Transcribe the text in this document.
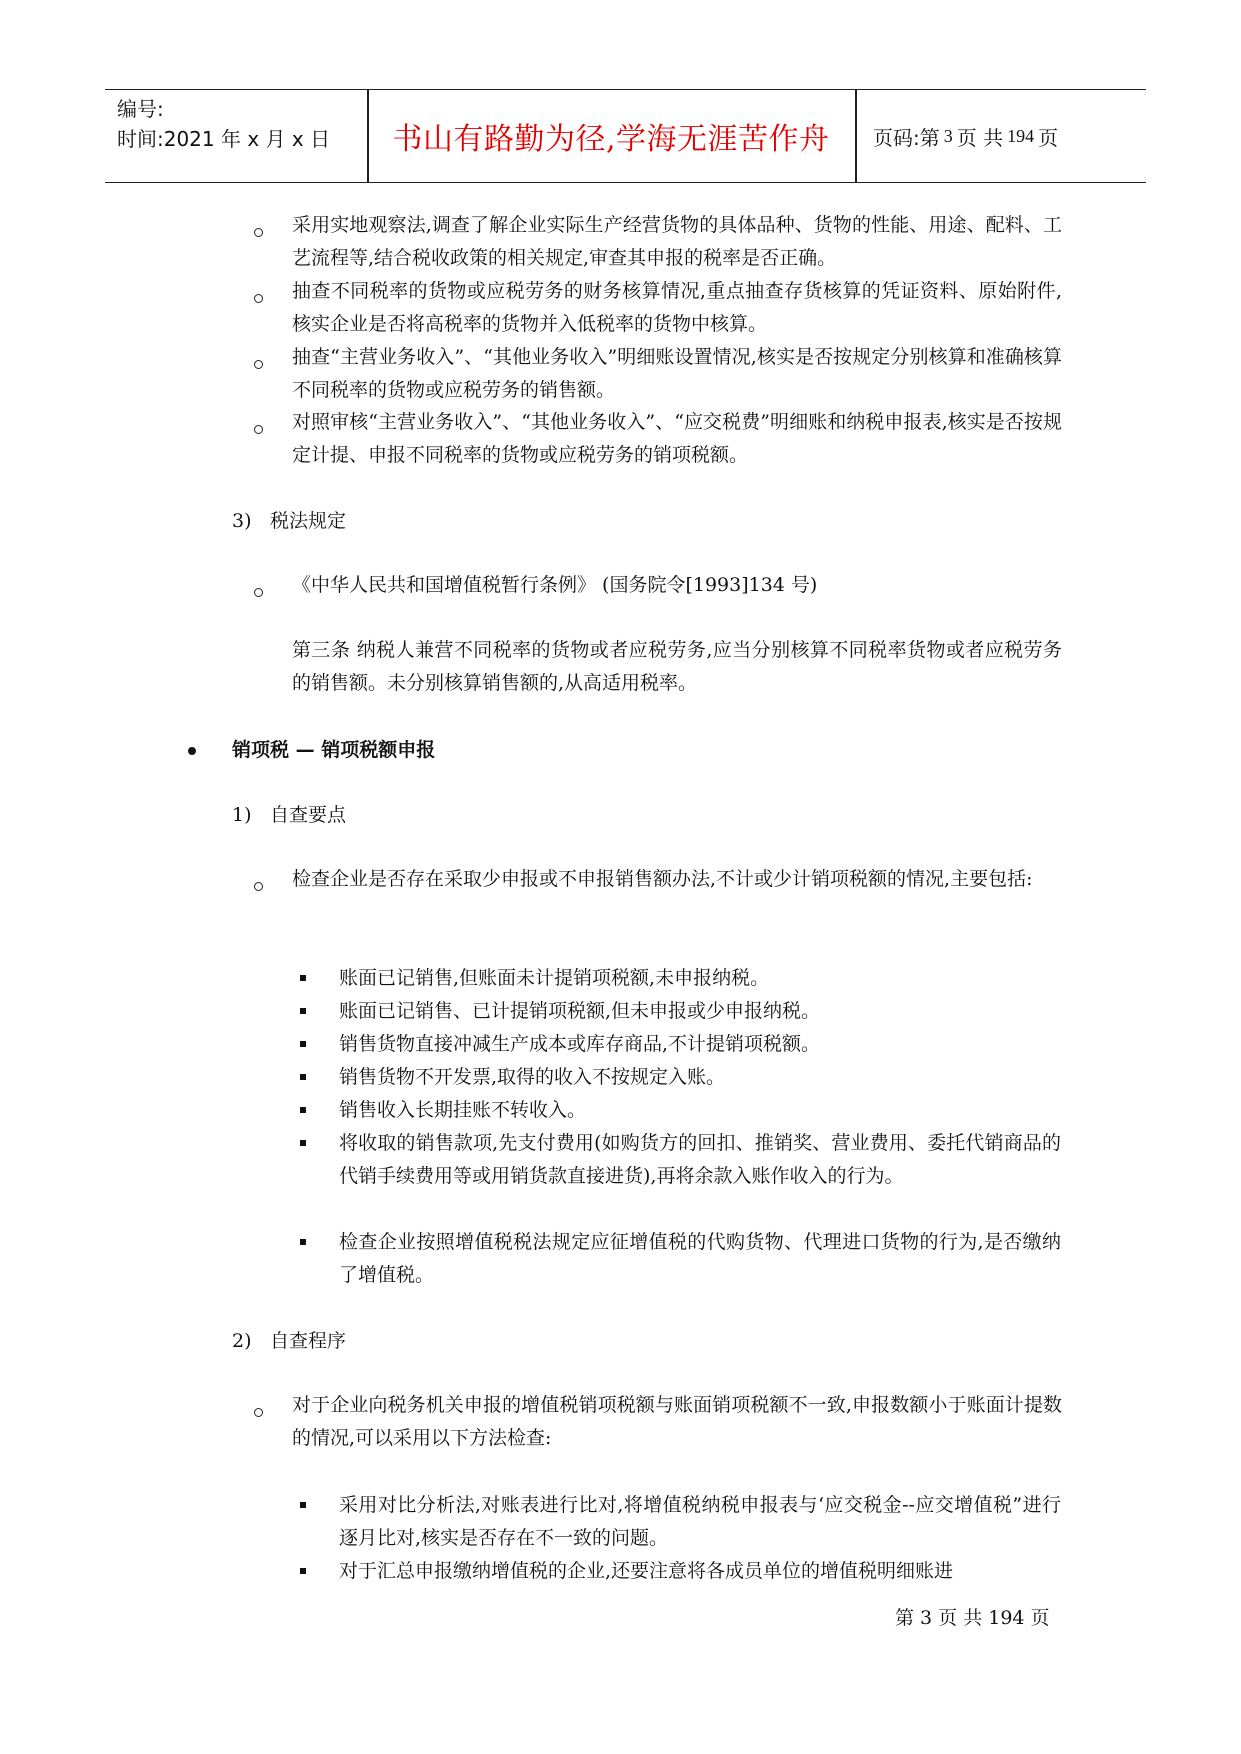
编号:
时间:2021 年 x 月 x 日	书山有路勤为径,学海无涯苦作舟	页码:第 3 页 共 194 页

采用实地观察法,调查了解企业实际生产经营货物的具体品种、货物的性能、用途、配料、工艺流程等,结合税收政策的相关规定,审查其申报的税率是否正确。

抽查不同税率的货物或应税劳务的财务核算情况,重点抽查存货核算的凭证资料、原始附件,核实企业是否将高税率的货物并入低税率的货物中核算。

抽查“主营业务收入”、“其他业务收入”明细账设置情况,核实是否按规定分别核算和准确核算不同税率的货物或应税劳务的销售额。

对照审核“主营业务收入”、“其他业务收入”、“应交税费”明细账和纳税申报表,核实是否按规定计提、申报不同税率的货物或应税劳务的销项税额。

3) 税法规定

《中华人民共和国增值税暂行条例》 (国务院令[1993]134 号)

第三条 纳税人兼营不同税率的货物或者应税劳务,应当分别核算不同税率货物或者应税劳务的销售额。未分别核算销售额的,从高适用税率。

销项税 — 销项税额申报

1) 自查要点

检查企业是否存在采取少申报或不申报销售额办法,不计或少计销项税额的情况,主要包括:

账面已记销售,但账面未计提销项税额,未申报纳税。

账面已记销售、已计提销项税额,但未申报或少申报纳税。

销售货物直接冲减生产成本或库存商品,不计提销项税额。

销售货物不开发票,取得的收入不按规定入账。

销售收入长期挂账不转收入。

将收取的销售款项,先支付费用(如购货方的回扣、推销奖、营业费用、委托代销商品的代销手续费用等或用销货款直接进货),再将余款入账作收入的行为。

检查企业按照增值税税法规定应征增值税的代购货物、代理进口货物的行为,是否缴纳了增值税。

2) 自查程序

对于企业向税务机关申报的增值税销项税额与账面销项税额不一致,申报数额小于账面计提数的情况,可以采用以下方法检查:

采用对比分析法,对账表进行比对,将增值税纳税申报表与‘应交税金--应交增值税”进行逐月比对,核实是否存在不一致的问题。

对于汇总申报缴纳增值税的企业,还要注意将各成员单位的增值税明细账进

第 3 页 共 194 页
